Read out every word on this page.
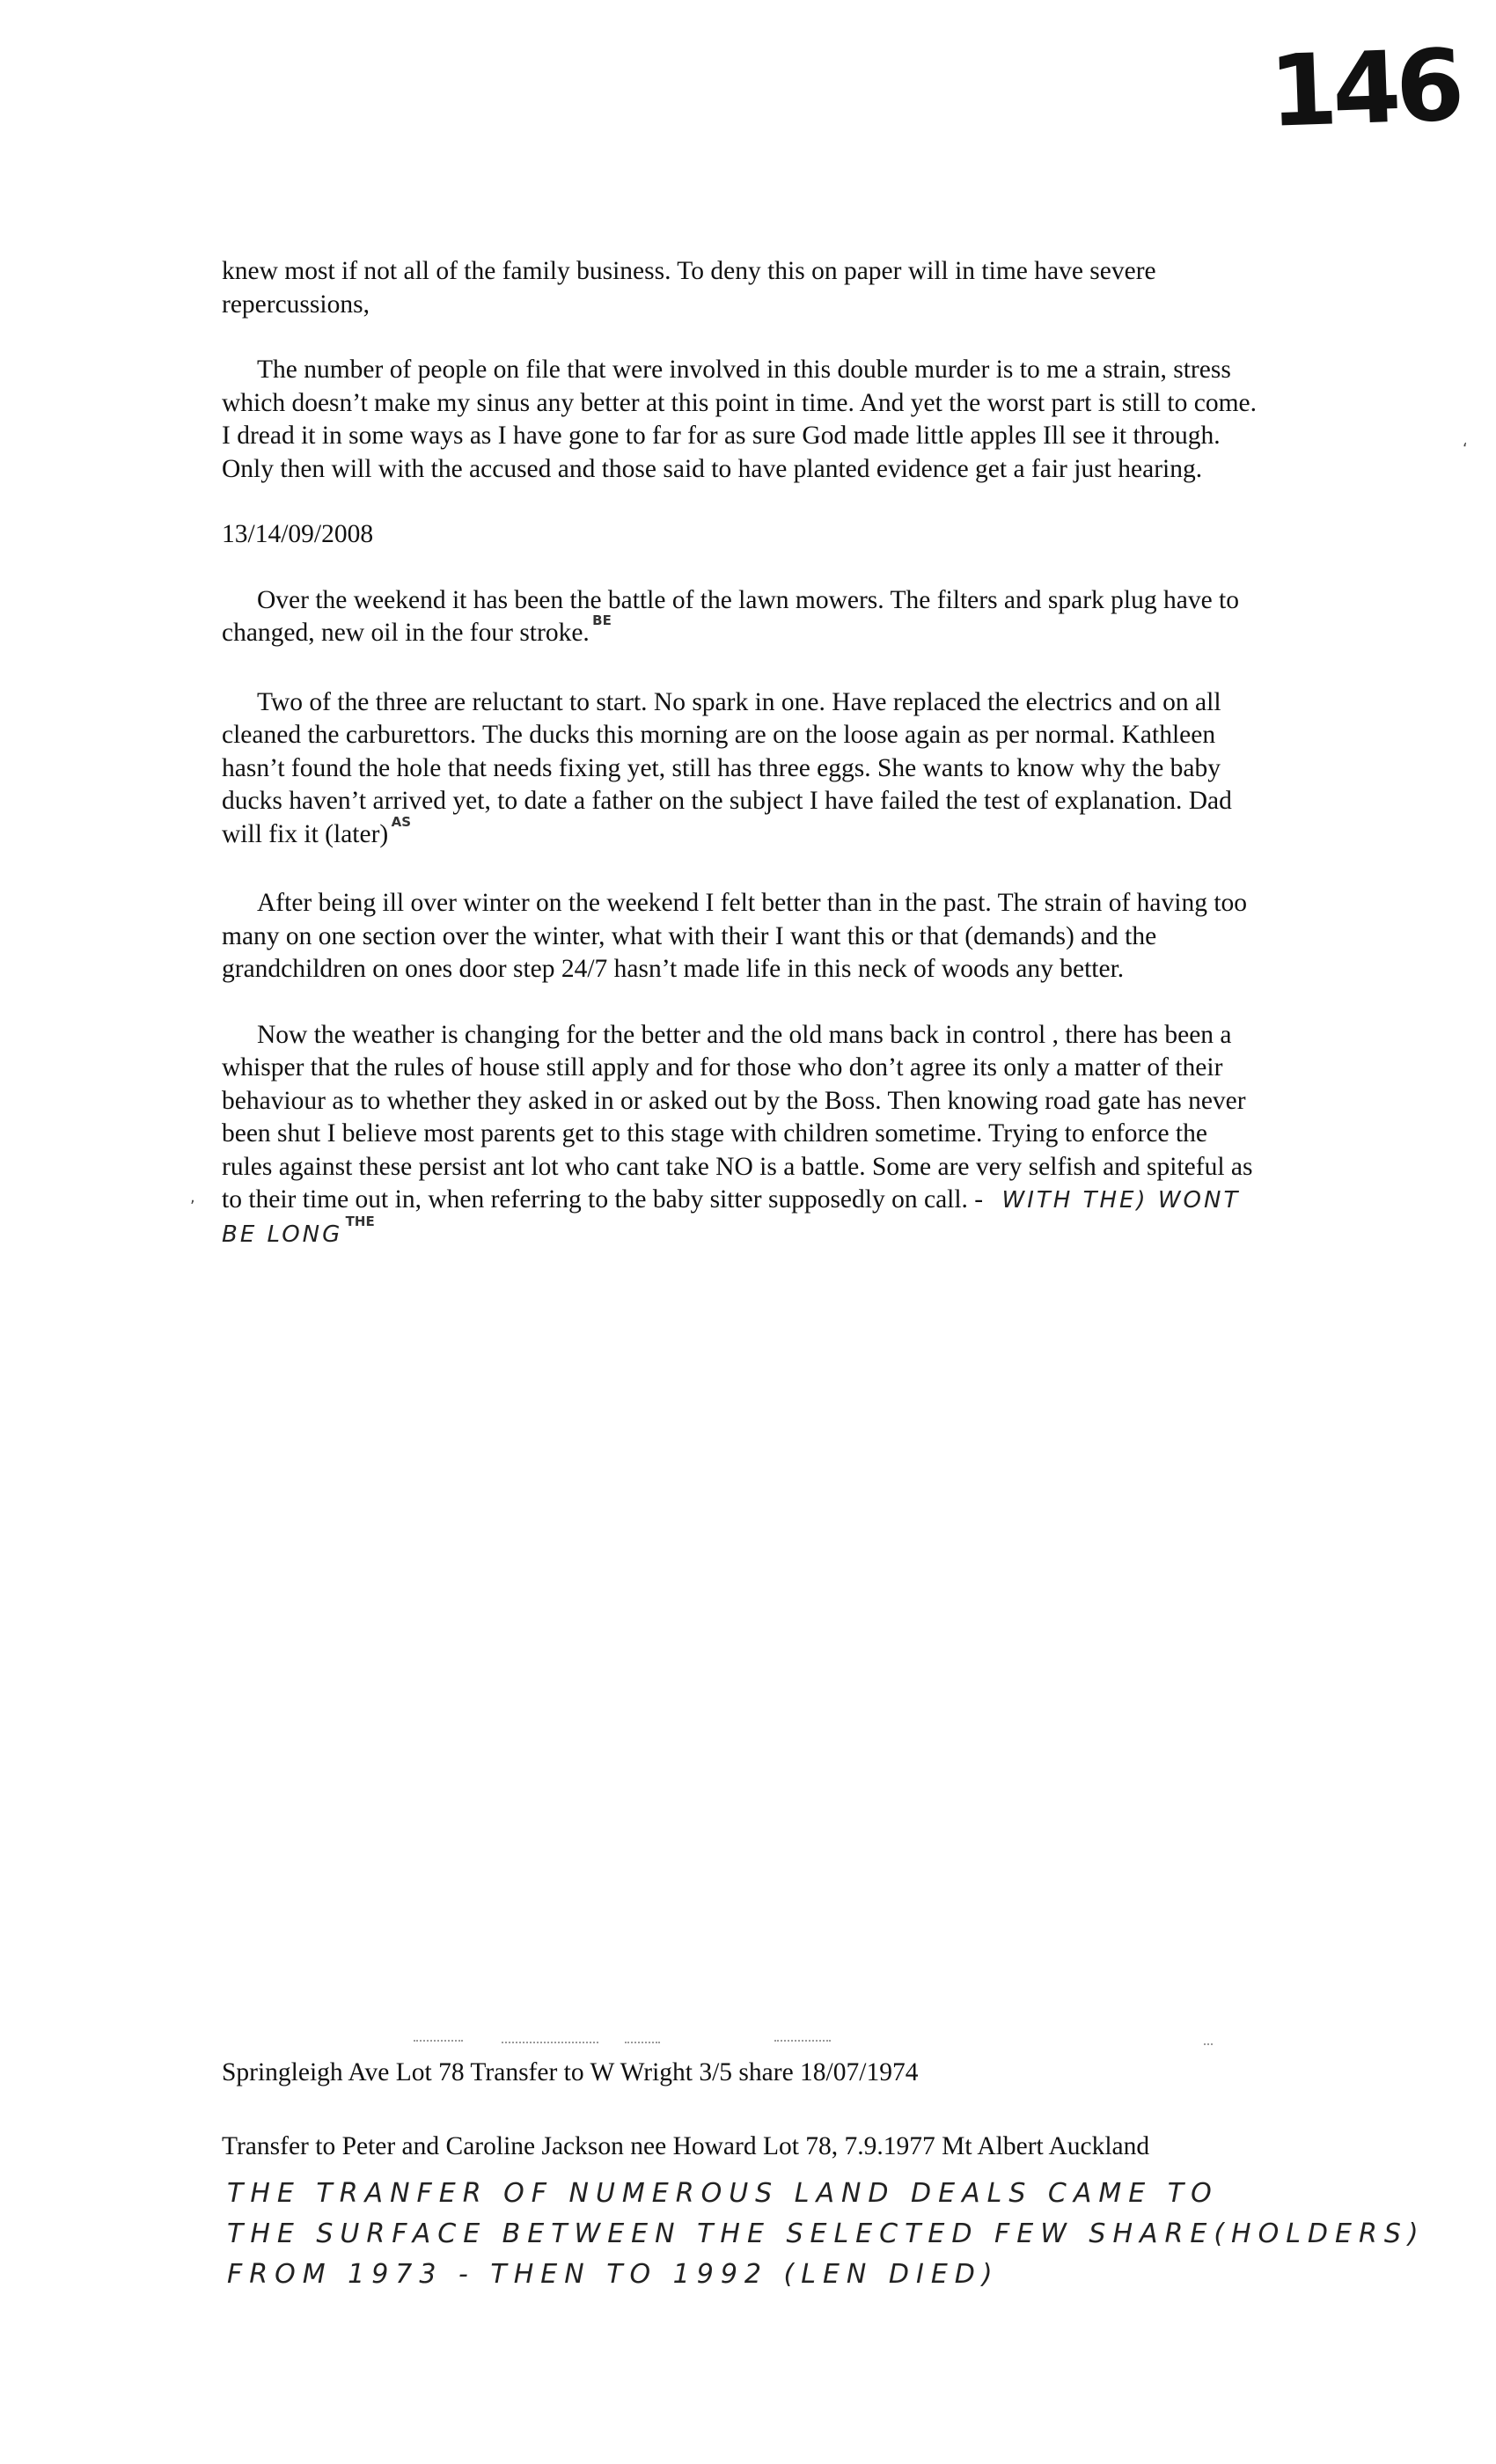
146
‘
,

knew most if not all of the family business. To deny this on paper will in time have severe repercussions,

The number of people on file that were involved in this double murder is to me a strain, stress which doesn’t make my sinus any better at this point in time. And yet the worst part is still to come. I dread it in some ways as I have gone to far for as sure God made little apples Ill see it through. Only then will with the accused and those said to have planted evidence get a fair just hearing.

13/14/09/2008

Over the weekend it has been the battle of the lawn mowers. The filters and spark plug have to changed, new oil in the four stroke. $^{BE}$

Two of the three are reluctant to start. No spark in one. Have replaced the electrics and on all cleaned the carburettors. The ducks this morning are on the loose again as per normal. Kathleen hasn’t found the hole that needs fixing yet, still has three eggs. She wants to know why the baby ducks haven’t arrived yet, to date a father on the subject I have failed the test of explanation. Dad will fix it (later) $^{AS}$

After being ill over winter on the weekend I felt better than in the past. The strain of having too many on one section over the winter, what with their I want this or that (demands) and the grandchildren on ones door step 24/7 hasn’t made life in this neck of woods any better.

Now the weather is changing for the better and the old mans back in control , there has been a whisper that the rules of house still apply and for those who don’t agree its only a matter of their behaviour as to whether they asked in or asked out by the Boss. Then knowing road gate has never been shut I believe most parents get to this stage with children sometime. Trying to enforce the rules against these persist ant lot who cant take NO is a battle. Some are very selfish and spiteful as to their time out in, when referring to the baby sitter supposedly on call. - WITH THE) WONT BE LONG $^{THE}$

Springleigh Ave Lot 78 Transfer to W Wright 3/5 share 18/07/1974

Transfer to Peter and Caroline Jackson nee Howard Lot 78, 7.9.1977 Mt Albert Auckland

THE TRANFER OF NUMEROUS LAND DEALS CAME TO
THE SURFACE BETWEEN THE SELECTED FEW SHARE(HOLDERS)
FROM 1973 - THEN TO 1992 (LEN DIED)
